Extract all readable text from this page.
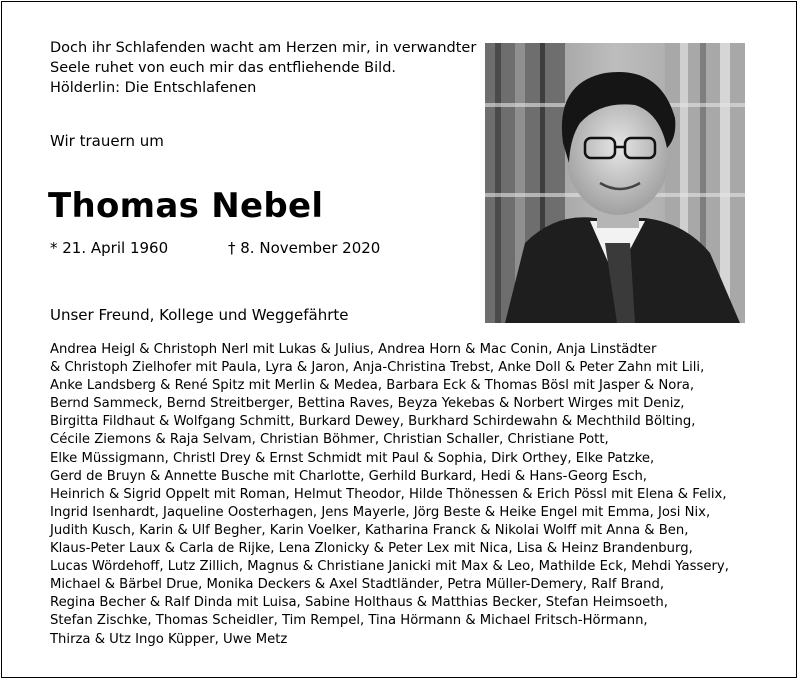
Doch ihr Schlafenden wacht am Herzen mir, in verwandter
Seele ruhet von euch mir das entfliehende Bild.
Hölderlin: Die Entschlafenen
Wir trauern um
Thomas Nebel
* 21. April 1960	† 8. November 2020
Unser Freund, Kollege und Weggefährte
Andrea Heigl & Christoph Nerl mit Lukas & Julius, Andrea Horn & Mac Conin, Anja Linstädter
& Christoph Zielhofer mit Paula, Lyra & Jaron, Anja-Christina Trebst, Anke Doll & Peter Zahn mit Lili,
Anke Landsberg & René Spitz mit Merlin & Medea, Barbara Eck & Thomas Bösl mit Jasper & Nora,
Bernd Sammeck, Bernd Streitberger, Bettina Raves, Beyza Yekebas & Norbert Wirges mit Deniz,
Birgitta Fildhaut & Wolfgang Schmitt, Burkard Dewey, Burkhard Schirdewahn & Mechthild Bölting,
Cécile Ziemons & Raja Selvam, Christian Böhmer, Christian Schaller, Christiane Pott,
Elke Müssigmann, Christl Drey & Ernst Schmidt mit Paul & Sophia, Dirk Orthey, Elke Patzke,
Gerd de Bruyn & Annette Busche mit Charlotte, Gerhild Burkard, Hedi & Hans-Georg Esch,
Heinrich & Sigrid Oppelt mit Roman, Helmut Theodor, Hilde Thönessen & Erich Pössl mit Elena & Felix,
Ingrid Isenhardt, Jaqueline Oosterhagen, Jens Mayerle, Jörg Beste & Heike Engel mit Emma, Josi Nix,
Judith Kusch, Karin & Ulf Begher, Karin Voelker, Katharina Franck & Nikolai Wolff mit Anna & Ben,
Klaus-Peter Laux & Carla de Rijke, Lena Zlonicky & Peter Lex mit Nica, Lisa & Heinz Brandenburg,
Lucas Wördehoff, Lutz Zillich, Magnus & Christiane Janicki mit Max & Leo, Mathilde Eck, Mehdi Yassery,
Michael & Bärbel Drue, Monika Deckers & Axel Stadtländer, Petra Müller-Demery, Ralf Brand,
Regina Becher & Ralf Dinda mit Luisa, Sabine Holthaus & Matthias Becker, Stefan Heimsoeth,
Stefan Zischke, Thomas Scheidler, Tim Rempel, Tina Hörmann & Michael Fritsch-Hörmann,
Thirza & Utz Ingo Küpper, Uwe Metz
